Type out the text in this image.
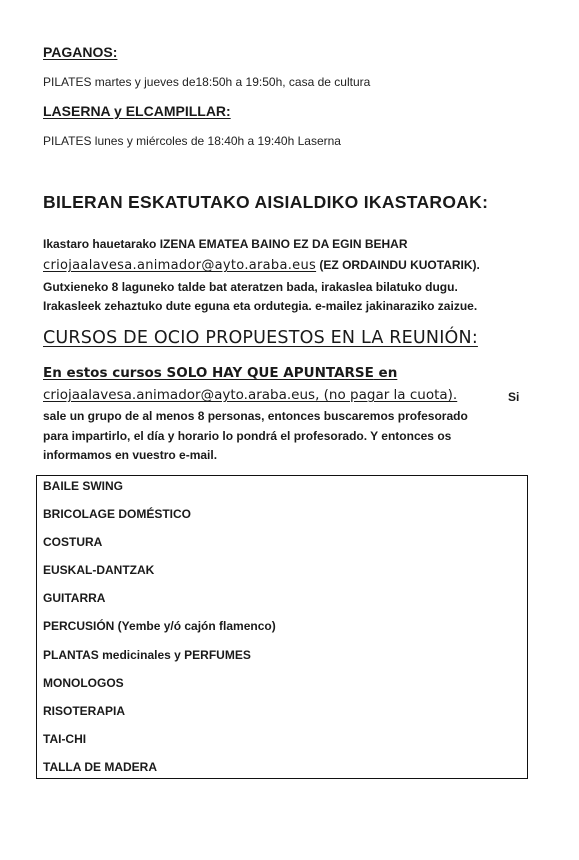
PAGANOS:

PILATES martes y jueves de18:50h a 19:50h, casa de cultura

LASERNA y ELCAMPILLAR:

PILATES lunes y miércoles de 18:40h a 19:40h Laserna

BILERAN ESKATUTAKO AISIALDIKO IKASTAROAK:

Ikastaro hauetarako IZENA EMATEA BAINO EZ DA EGIN BEHAR

criojaalavesa.animador@ayto.araba.eus (EZ ORDAINDU KUOTARIK).

Gutxieneko 8 laguneko talde bat ateratzen bada, irakaslea bilatuko dugu.

Irakasleek zehaztuko dute eguna eta ordutegia. e-mailez jakinaraziko zaizue.

CURSOS DE OCIO PROPUESTOS EN LA REUNIÓN:

En estos cursos SOLO HAY QUE APUNTARSE en

criojaalavesa.animador@ayto.araba.eus, (no pagar la cuota).	Si

sale un grupo de al menos 8 personas, entonces buscaremos profesorado

para impartirlo, el día y horario lo pondrá el profesorado. Y entonces os

informamos en vuestro e-mail.

BAILE SWING
BRICOLAGE DOMÉSTICO
COSTURA
EUSKAL-DANTZAK
GUITARRA
PERCUSIÓN (Yembe y/ó cajón flamenco)
PLANTAS medicinales y PERFUMES
MONOLOGOS
RISOTERAPIA
TAI-CHI
TALLA DE MADERA
